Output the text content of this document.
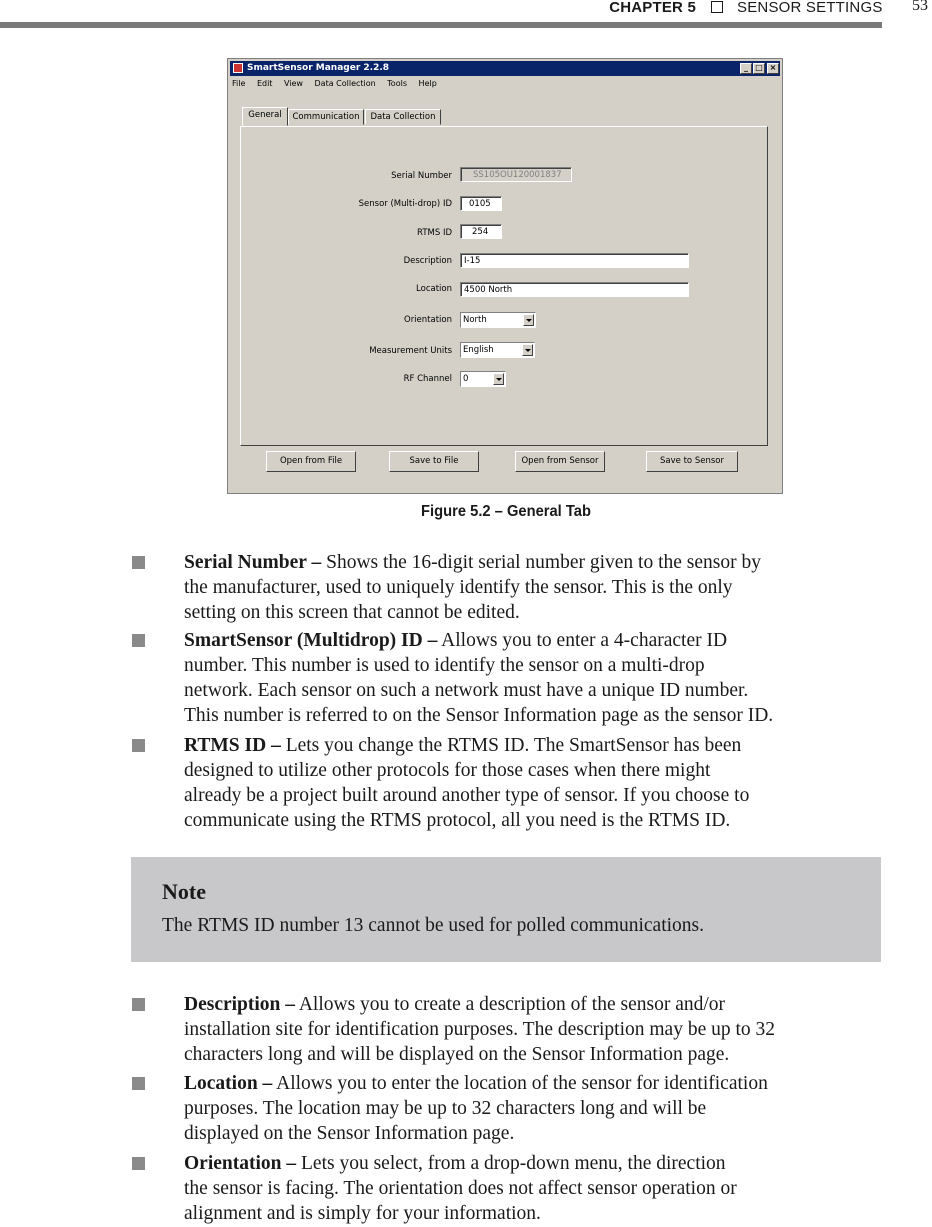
CHAPTER 5	SENSOR SETTINGS 53
SmartSensor Manager 2.2.8	_ □ ×
File Edit View Data Collection Tools Help
General	Communication	Data Collection
Serial Number	SS105OU120001837
Sensor (Multi-drop) ID	0105
RTMS ID	254
Description	I-15
Location	4500 North
Orientation	North
Measurement Units	English
RF Channel	0
Open from File	Save to File	Open from Sensor	Save to Sensor
Figure 5.2 – General Tab
Serial Number – Shows the 16-digit serial number given to the sensor by
the manufacturer, used to uniquely identify the sensor. This is the only
setting on this screen that cannot be edited.
SmartSensor (Multidrop) ID – Allows you to enter a 4-character ID
number. This number is used to identify the sensor on a multi-drop
network. Each sensor on such a network must have a unique ID number.
This number is referred to on the Sensor Information page as the sensor ID.
RTMS ID – Lets you change the RTMS ID. The SmartSensor has been
designed to utilize other protocols for those cases when there might
already be a project built around another type of sensor. If you choose to
communicate using the RTMS protocol, all you need is the RTMS ID.
Note
The RTMS ID number 13 cannot be used for polled communications.
Description – Allows you to create a description of the sensor and/or
installation site for identification purposes. The description may be up to 32
characters long and will be displayed on the Sensor Information page.
Location – Allows you to enter the location of the sensor for identification
purposes. The location may be up to 32 characters long and will be
displayed on the Sensor Information page.
Orientation – Lets you select, from a drop-down menu, the direction
the sensor is facing. The orientation does not affect sensor operation or
alignment and is simply for your information.
